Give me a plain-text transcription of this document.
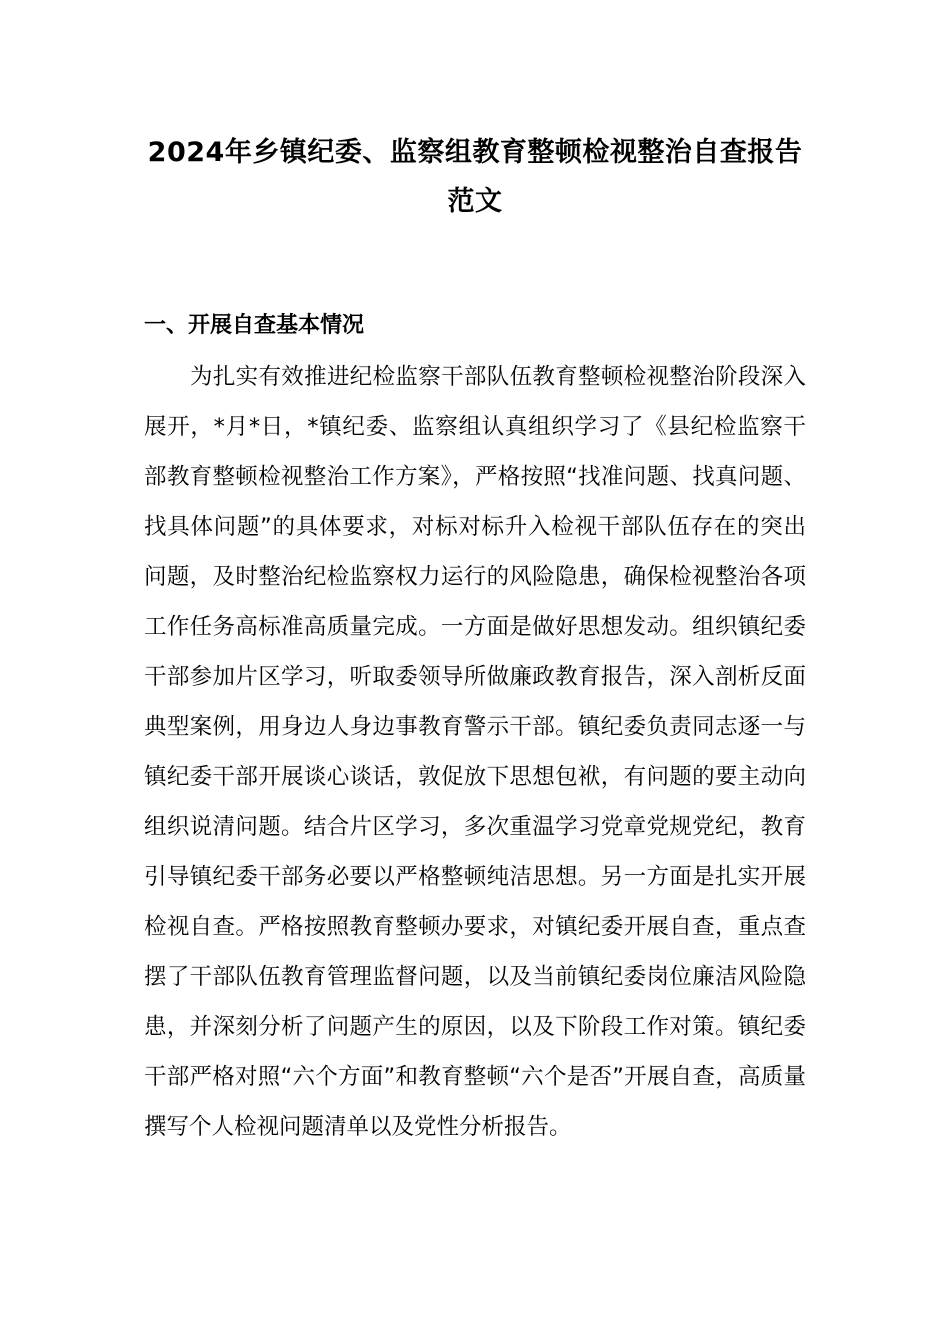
2024年乡镇纪委、监察组教育整顿检视整治自查报告范文
一、开展自查基本情况

为扎实有效推进纪检监察干部队伍教育整顿检视整治阶段深入展开，*月*日，*镇纪委、监察组认真组织学习了《县纪检监察干部教育整顿检视整治工作方案》，严格按照“找准问题、找真问题、找具体问题”的具体要求，对标对标升入检视干部队伍存在的突出问题，及时整治纪检监察权力运行的风险隐患，确保检视整治各项工作任务高标准高质量完成。一方面是做好思想发动。组织镇纪委干部参加片区学习，听取委领导所做廉政教育报告，深入剖析反面典型案例，用身边人身边事教育警示干部。镇纪委负责同志逐一与镇纪委干部开展谈心谈话，敦促放下思想包袱，有问题的要主动向组织说清问题。结合片区学习，多次重温学习党章党规党纪，教育引导镇纪委干部务必要以严格整顿纯洁思想。另一方面是扎实开展检视自查。严格按照教育整顿办要求，对镇纪委开展自查，重点查摆了干部队伍教育管理监督问题，以及当前镇纪委岗位廉洁风险隐患，并深刻分析了问题产生的原因，以及下阶段工作对策。镇纪委干部严格对照“六个方面”和教育整顿“六个是否”开展自查，高质量撰写个人检视问题清单以及党性分析报告。
